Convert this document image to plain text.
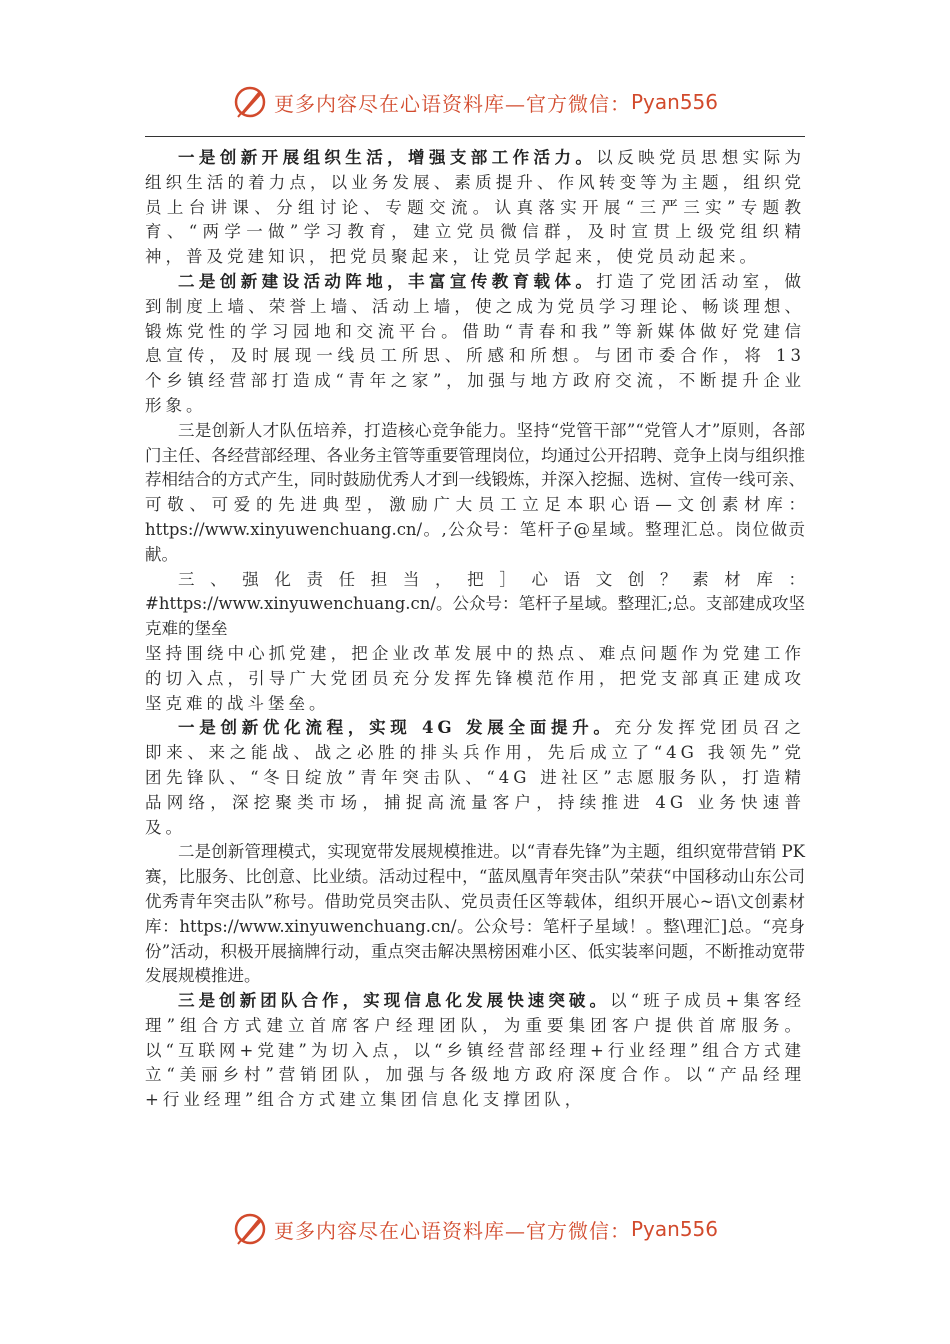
更多内容尽在心语资料库—官方微信： Pyan556

一是创新开展组织生活，增强支部工作活力。以反映党员思想实际为组织生活的着力点，以业务发展、素质提升、作风转变等为主题，组织党员上台讲课、分组讨论、专题交流。认真落实开展“三严三实”专题教育、“两学一做”学习教育，建立党员微信群，及时宣贯上级党组织精神，普及党建知识，把党员聚起来，让党员学起来，使党员动起来。

二是创新建设活动阵地，丰富宣传教育载体。打造了党团活动室，做到制度上墙、荣誉上墙、活动上墙，使之成为党员学习理论、畅谈理想、锻炼党性的学习园地和交流平台。借助“青春和我”等新媒体做好党建信息宣传，及时展现一线员工所思、所感和所想。与团市委合作，将 13 个乡镇经营部打造成“青年之家”，加强与地方政府交流，不断提升企业形象。

三是创新人才队伍培养，打造核心竞争能力。坚持“党管干部”“党管人才”原则，各部门主任、各经营部经理、各业务主管等重要管理岗位，均通过公开招聘、竞争上岗与组织推荐相结合的方式产生，同时鼓励优秀人才到一线锻炼，并深入挖掘、选树、宣传一线可亲、可敬、可爱的先进典型，激励广大员工立足本职心语—文创素材库：https://www.xinyuwenchuang.cn/。,公众号：笔杆子@星域。整理汇总。岗位做贡献。

三、强化责任担当，把］心语文创？素材库：#https://www.xinyuwenchuang.cn/。公众号：笔杆子星域。整理汇;总。支部建成攻坚克难的堡垒

坚持围绕中心抓党建，把企业改革发展中的热点、难点问题作为党建工作的切入点，引导广大党团员充分发挥先锋模范作用，把党支部真正建成攻坚克难的战斗堡垒。

一是创新优化流程，实现 4G 发展全面提升。充分发挥党团员召之即来、来之能战、战之必胜的排头兵作用，先后成立了“4G 我领先”党团先锋队、“冬日绽放”青年突击队、“4G 进社区”志愿服务队，打造精品网络，深挖聚类市场，捕捉高流量客户，持续推进 4G 业务快速普及。

二是创新管理模式，实现宽带发展规模推进。以“青春先锋”为主题，组织宽带营销 PK 赛，比服务、比创意、比业绩。活动过程中，“蓝凤凰青年突击队”荣获“中国移动山东公司优秀青年突击队”称号。借助党员突击队、党员责任区等载体，组织开展心~语\文创素材库：https://www.xinyuwenchuang.cn/。公众号：笔杆子星域！。整\理汇]总。“亮身份”活动，积极开展摘牌行动，重点突击解决黑榜困难小区、低实装率问题，不断推动宽带发展规模推进。

三是创新团队合作，实现信息化发展快速突破。以“班子成员+集客经理”组合方式建立首席客户经理团队，为重要集团客户提供首席服务。以“互联网+党建”为切入点，以“乡镇经营部经理+行业经理”组合方式建立“美丽乡村”营销团队，加强与各级地方政府深度合作。以“产品经理+行业经理”组合方式建立集团信息化支撑团队，

更多内容尽在心语资料库—官方微信： Pyan556
